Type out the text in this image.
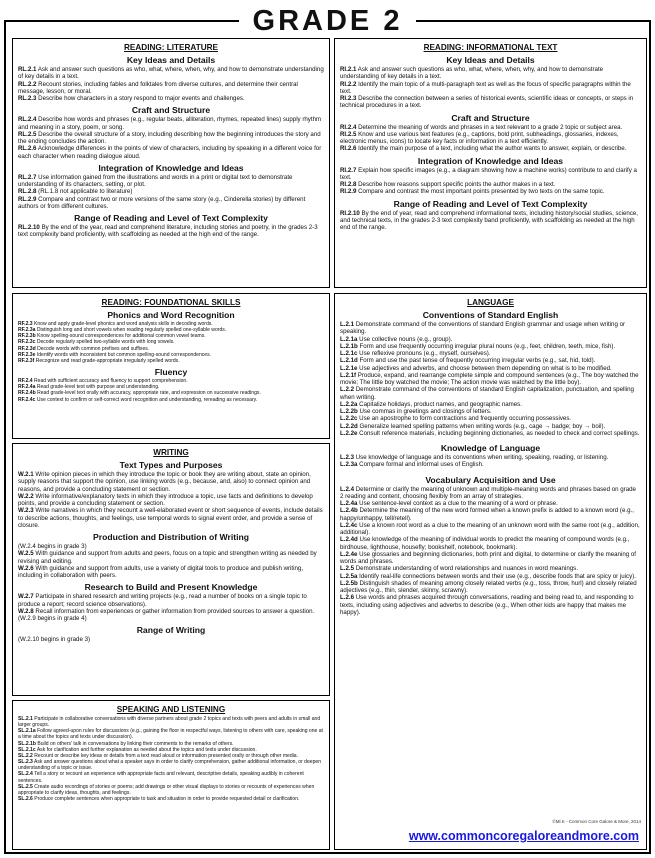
GRADE 2
READING: LITERATURE
Key Ideas and Details

RL.2.1 Ask and answer such questions as who, what, where, when, why, and how to demonstrate understanding of key details in a text.

RL.2.2 Recount stories, including fables and folktales from diverse cultures, and determine their central message, lesson, or moral.

RL.2.3 Describe how characters in a story respond to major events and challenges.

Craft and Structure

RL.2.4 Describe how words and phrases (e.g., regular beats, alliteration, rhymes, repeated lines) supply rhythm and meaning in a story, poem, or song.

RL.2.5 Describe the overall structure of a story, including describing how the beginning introduces the story and the ending concludes the action.

RL.2.6 Acknowledge differences in the points of view of characters, including by speaking in a different voice for each character when reading dialogue aloud.

Integration of Knowledge and Ideas

RL.2.7 Use information gained from the illustrations and words in a print or digital text to demonstrate understanding of its characters, setting, or plot.

RL.2.8 (RL.1.8 not applicable to literature)

RL.2.9 Compare and contrast two or more versions of the same story (e.g., Cinderella stories) by different authors or from different cultures.

Range of Reading and Level of Text Complexity

RL.2.10 By the end of the year, read and comprehend literature, including stories and poetry, in the grades 2-3 text complexity band proficiently, with scaffolding as needed at the high end of the range.

READING: FOUNDATIONAL SKILLS
Phonics and Word Recognition

RF.2.3 Know and apply grade-level phonics and word analysis skills in decoding words.

RF.2.3a Distinguish long and short vowels when reading regularly spelled one-syllable words.

RF.2.3b Know spelling-sound correspondences for additional common vowel teams.

RF.2.3c Decode regularly spelled two-syllable words with long vowels.

RF.2.3d Decode words with common prefixes and suffixes.

RF.2.3e Identify words with inconsistent but common spelling-sound correspondences.

RF.2.3f Recognize and read grade-appropriate irregularly spelled words.

Fluency

RF.2.4 Read with sufficient accuracy and fluency to support comprehension.

RF.2.4a Read grade-level text with purpose and understanding.

RF.2.4b Read grade-level text orally with accuracy, appropriate rate, and expression on successive readings.

RF.2.4c Use context to confirm or self-correct word recognition and understanding, rereading as necessary.

WRITING
Text Types and Purposes

W.2.1 Write opinion pieces in which they introduce the topic or book they are writing about, state an opinion, supply reasons that support the opinion, use linking words (e.g., because, and, also) to connect opinion and reasons, and provide a concluding statement or section.

W.2.2 Write informative/explanatory texts in which they introduce a topic, use facts and definitions to develop points, and provide a concluding statement or section.

W.2.3 Write narratives in which they recount a well-elaborated event or short sequence of events, include details to describe actions, thoughts, and feelings, use temporal words to signal event order, and provide a sense of closure.

Production and Distribution of Writing

(W.2.4 begins in grade 3)

W.2.5 With guidance and support from adults and peers, focus on a topic and strengthen writing as needed by revising and editing.

W.2.6 With guidance and support from adults, use a variety of digital tools to produce and publish writing, including in collaboration with peers.

Research to Build and Present Knowledge

W.2.7 Participate in shared research and writing projects (e.g., read a number of books on a single topic to produce a report; record science observations).

W.2.8 Recall information from experiences or gather information from provided sources to answer a question.

(W.2.9 begins in grade 4)

Range of Writing

(W.2.10 begins in grade 3)

SPEAKING AND LISTENING

SL.2.1 Participate in collaborative conversations with diverse partners about grade 2 topics and texts with peers and adults in small and larger groups.

SL.2.1a Follow agreed-upon rules for discussions (e.g., gaining the floor in respectful ways, listening to others with care, speaking one at a time about the topics and texts under discussion).

SL.2.1b Build on others' talk in conversations by linking their comments to the remarks of others.

SL.2.1c Ask for clarification and further explanation as needed about the topics and texts under discussion.

SL.2.2 Recount or describe key ideas or details from a text read aloud or information presented orally or through other media.

SL.2.3 Ask and answer questions about what a speaker says in order to clarify comprehension, gather additional information, or deepen understanding of a topic or issue.

SL.2.4 Tell a story or recount an experience with appropriate facts and relevant, descriptive details, speaking audibly in coherent sentences.

SL.2.5 Create audio recordings of stories or poems; add drawings or other visual displays to stories or recounts of experiences when appropriate to clarify ideas, thoughts, and feelings.

SL.2.6 Produce complete sentences when appropriate to task and situation in order to provide requested detail or clarification.

READING: INFORMATIONAL TEXT
Key Ideas and Details

RI.2.1 Ask and answer such questions as who, what, where, when, why, and how to demonstrate understanding of key details in a text.

RI.2.2 Identify the main topic of a multi-paragraph text as well as the focus of specific paragraphs within the text.

RI.2.3 Describe the connection between a series of historical events, scientific ideas or concepts, or steps in technical procedures in a text.

Craft and Structure

RI.2.4 Determine the meaning of words and phrases in a text relevant to a grade 2 topic or subject area.

RI.2.5 Know and use various text features (e.g., captions, bold print, subheadings, glossaries, indexes, electronic menus, icons) to locate key facts or information in a text efficiently.

RI.2.6 Identify the main purpose of a text, including what the author wants to answer, explain, or describe.

Integration of Knowledge and Ideas

RI.2.7 Explain how specific images (e.g., a diagram showing how a machine works) contribute to and clarify a text.

RI.2.8 Describe how reasons support specific points the author makes in a text.

RI.2.9 Compare and contrast the most important points presented by two texts on the same topic.

Range of Reading and Level of Text Complexity

RI.2.10 By the end of year, read and comprehend informational texts, including history/social studies, science, and technical texts, in the grades 2-3 text complexity band proficiently, with scaffolding as needed at the high end of the range.

LANGUAGE
Conventions of Standard English

L.2.1 Demonstrate command of the conventions of standard English grammar and usage when writing or speaking.

L.2.1a Use collective nouns (e.g., group).

L.2.1b Form and use frequently occurring irregular plural nouns (e.g., feet, children, teeth, mice, fish).

L.2.1c Use reflexive pronouns (e.g., myself, ourselves).

L.2.1d Form and use the past tense of frequently occurring irregular verbs (e.g., sat, hid, told).

L.2.1e Use adjectives and adverbs, and choose between them depending on what is to be modified.

L.2.1f Produce, expand, and rearrange complete simple and compound sentences (e.g., The boy watched the movie; The little boy watched the movie; The action movie was watched by the little boy).

L.2.2 Demonstrate command of the conventions of standard English capitalization, punctuation, and spelling when writing.

L.2.2a Capitalize holidays, product names, and geographic names.

L.2.2b Use commas in greetings and closings of letters.

L.2.2c Use an apostrophe to form contractions and frequently occurring possessives.

L.2.2d Generalize learned spelling patterns when writing words (e.g., cage → badge; boy → boil).

L.2.2e Consult reference materials, including beginning dictionaries, as needed to check and correct spellings.

Knowledge of Language

L.2.3 Use knowledge of language and its conventions when writing, speaking, reading, or listening.

L.2.3a Compare formal and informal uses of English.

Vocabulary Acquisition and Use

L.2.4 Determine or clarify the meaning of unknown and multiple-meaning words and phrases based on grade 2 reading and content, choosing flexibly from an array of strategies.

L.2.4a Use sentence-level context as a clue to the meaning of a word or phrase.

L.2.4b Determine the meaning of the new word formed when a known prefix is added to a known word (e.g., happy/unhappy, tell/retell).

L.2.4c Use a known root word as a clue to the meaning of an unknown word with the same root (e.g., addition, additional).

L.2.4d Use knowledge of the meaning of individual words to predict the meaning of compound words (e.g., birdhouse, lighthouse, housefly; bookshelf, notebook, bookmark).

L.2.4e Use glossaries and beginning dictionaries, both print and digital, to determine or clarify the meaning of words and phrases.

L.2.5 Demonstrate understanding of word relationships and nuances in word meanings.

L.2.5a Identify real-life connections between words and their use (e.g., describe foods that are spicy or juicy).

L.2.5b Distinguish shades of meaning among closely related verbs (e.g., toss, throw, hurl) and closely related adjectives (e.g., thin, slender, skinny, scrawny).

L.2.6 Use words and phrases acquired through conversations, reading and being read to, and responding to texts, including using adjectives and adverbs to describe (e.g., When other kids are happy that makes me happy).

©Ml.K - Common Core Galore & More, 2014
www.commoncoregaloreandmore.com
